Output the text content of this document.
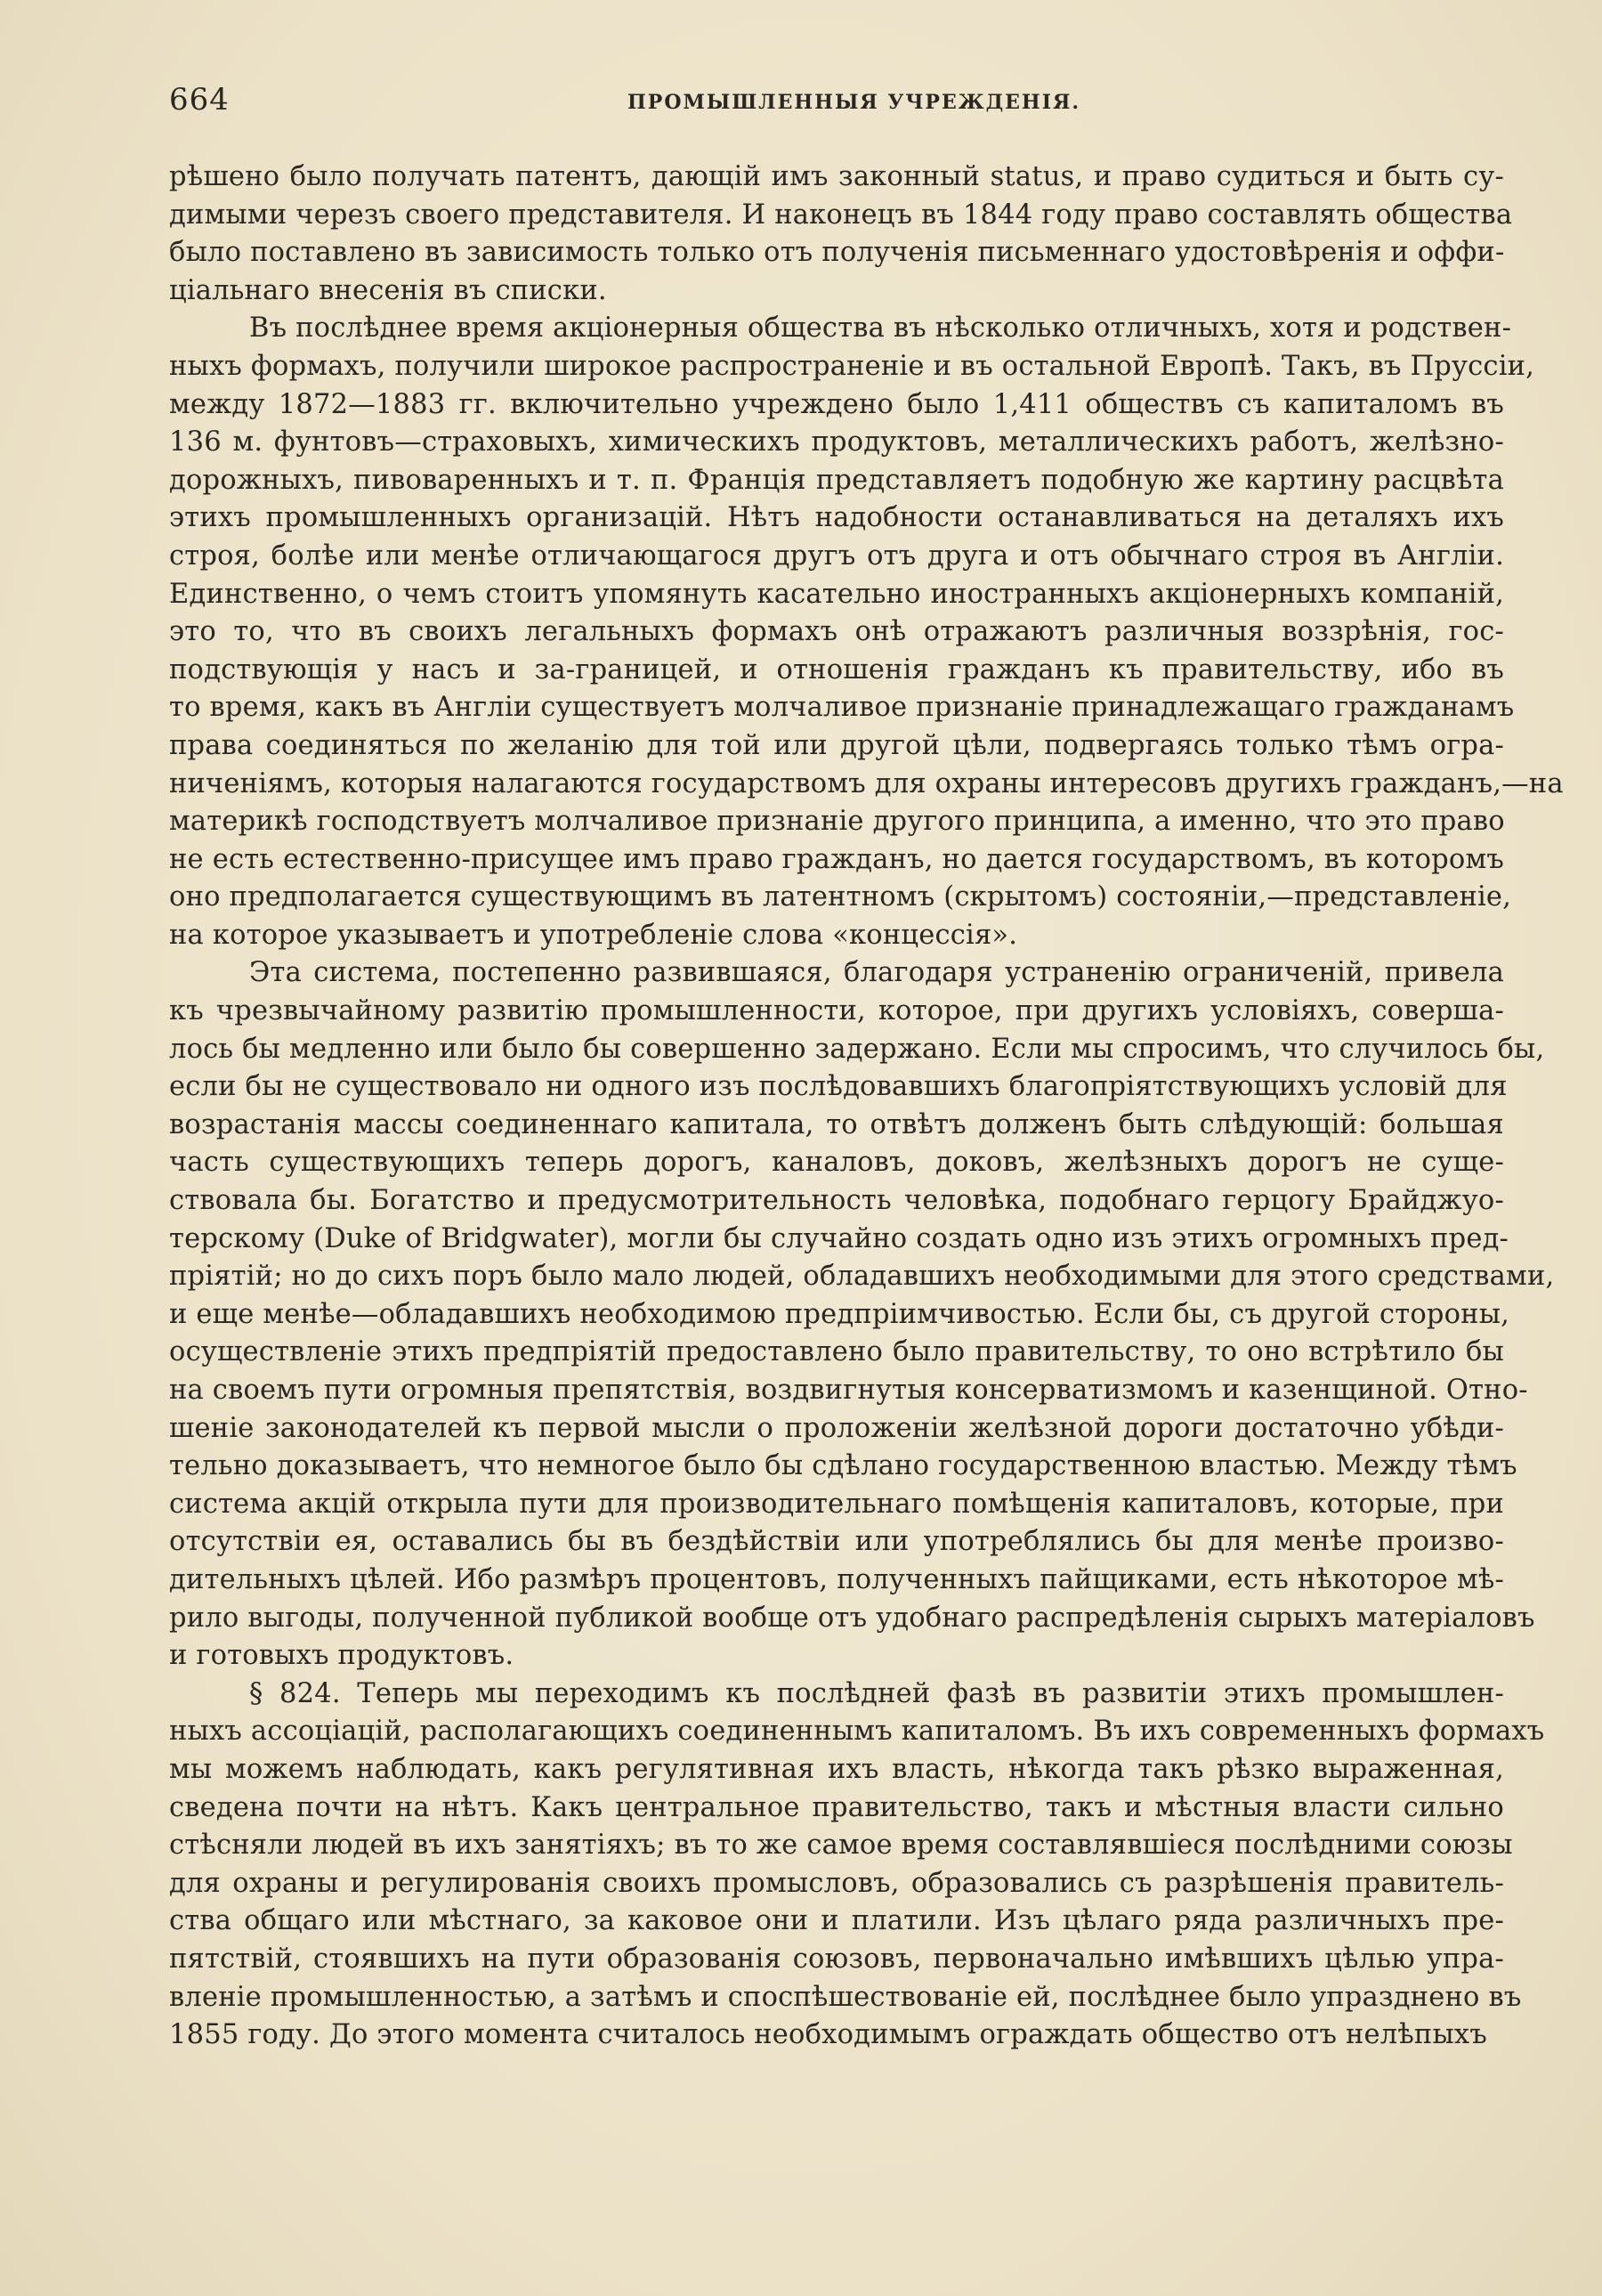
664	ПРОМЫШЛЕННЫЯ УЧРЕЖДЕНІЯ.

рѣшено было получать патентъ, дающій имъ законный status, и право судиться и быть су-
димыми черезъ своего представителя. И наконецъ въ 1844 году право составлять общества
было поставлено въ зависимость только отъ полученія письменнаго удостовѣренія и оффи-
ціальнаго внесенія въ списки.

Въ послѣднее время акціонерныя общества въ нѣсколько отличныхъ, хотя и родствен-
ныхъ формахъ, получили широкое распространеніе и въ остальной Европѣ. Такъ, въ Пруссіи,
между 1872—1883 гг. включительно учреждено было 1,411 обществъ съ капиталомъ въ
136 м. фунтовъ—страховыхъ, химическихъ продуктовъ, металлическихъ работъ, желѣзно-
дорожныхъ, пивоваренныхъ и т. п. Франція представляетъ подобную же картину расцвѣта
этихъ промышленныхъ организацій. Нѣтъ надобности останавливаться на деталяхъ ихъ
строя, болѣе или менѣе отличающагося другъ отъ друга и отъ обычнаго строя въ Англіи.
Единственно, о чемъ стоитъ упомянуть касательно иностранныхъ акціонерныхъ компаній,
это то, что въ своихъ легальныхъ формахъ онѣ отражаютъ различныя воззрѣнія, гос-
подствующія у насъ и за-границей, и отношенія гражданъ къ правительству, ибо въ
то время, какъ въ Англіи существуетъ молчаливое признаніе принадлежащаго гражданамъ
права соединяться по желанію для той или другой цѣли, подвергаясь только тѣмъ огра-
ниченіямъ, которыя налагаются государствомъ для охраны интересовъ другихъ гражданъ,—на
материкѣ господствуетъ молчаливое признаніе другого принципа, а именно, что это право
не есть естественно-присущее имъ право гражданъ, но дается государствомъ, въ которомъ
оно предполагается существующимъ въ латентномъ (скрытомъ) состояніи,—представленіе,
на которое указываетъ и употребленіе слова «концессія».

Эта система, постепенно развившаяся, благодаря устраненію ограниченій, привела
къ чрезвычайному развитію промышленности, которое, при другихъ условіяхъ, соверша-
лось бы медленно или было бы совершенно задержано. Если мы спросимъ, что случилось бы,
если бы не существовало ни одного изъ послѣдовавшихъ благопріятствующихъ условій для
возрастанія массы соединеннаго капитала, то отвѣтъ долженъ быть слѣдующій: большая
часть существующихъ теперь дорогъ, каналовъ, доковъ, желѣзныхъ дорогъ не суще-
ствовала бы. Богатство и предусмотрительность человѣка, подобнаго герцогу Брайджуо-
терскому (Duke of Bridgwater), могли бы случайно создать одно изъ этихъ огромныхъ пред-
пріятій; но до сихъ поръ было мало людей, обладавшихъ необходимыми для этого средствами,
и еще менѣе—обладавшихъ необходимою предпріимчивостью. Если бы, съ другой стороны,
осуществленіе этихъ предпріятій предоставлено было правительству, то оно встрѣтило бы
на своемъ пути огромныя препятствія, воздвигнутыя консерватизмомъ и казенщиной. Отно-
шеніе законодателей къ первой мысли о проложеніи желѣзной дороги достаточно убѣди-
тельно доказываетъ, что немногое было бы сдѣлано государственною властью. Между тѣмъ
система акцій открыла пути для производительнаго помѣщенія капиталовъ, которые, при
отсутствіи ея, оставались бы въ бездѣйствіи или употреблялись бы для менѣе произво-
дительныхъ цѣлей. Ибо размѣръ процентовъ, полученныхъ пайщиками, есть нѣкоторое мѣ-
рило выгоды, полученной публикой вообще отъ удобнаго распредѣленія сырыхъ матеріаловъ
и готовыхъ продуктовъ.

§ 824. Теперь мы переходимъ къ послѣдней фазѣ въ развитіи этихъ промышлен-
ныхъ ассоціацій, располагающихъ соединеннымъ капиталомъ. Въ ихъ современныхъ формахъ
мы можемъ наблюдать, какъ регулятивная ихъ власть, нѣкогда такъ рѣзко выраженная,
сведена почти на нѣтъ. Какъ центральное правительство, такъ и мѣстныя власти сильно
стѣсняли людей въ ихъ занятіяхъ; въ то же самое время составлявшіеся послѣдними союзы
для охраны и регулированія своихъ промысловъ, образовались съ разрѣшенія правитель-
ства общаго или мѣстнаго, за каковое они и платили. Изъ цѣлаго ряда различныхъ пре-
пятствій, стоявшихъ на пути образованія союзовъ, первоначально имѣвшихъ цѣлью упра-
вленіе промышленностью, а затѣмъ и споспѣшествованіе ей, послѣднее было упразднено въ
1855 году. До этого момента считалось необходимымъ ограждать общество отъ нелѣпыхъ
